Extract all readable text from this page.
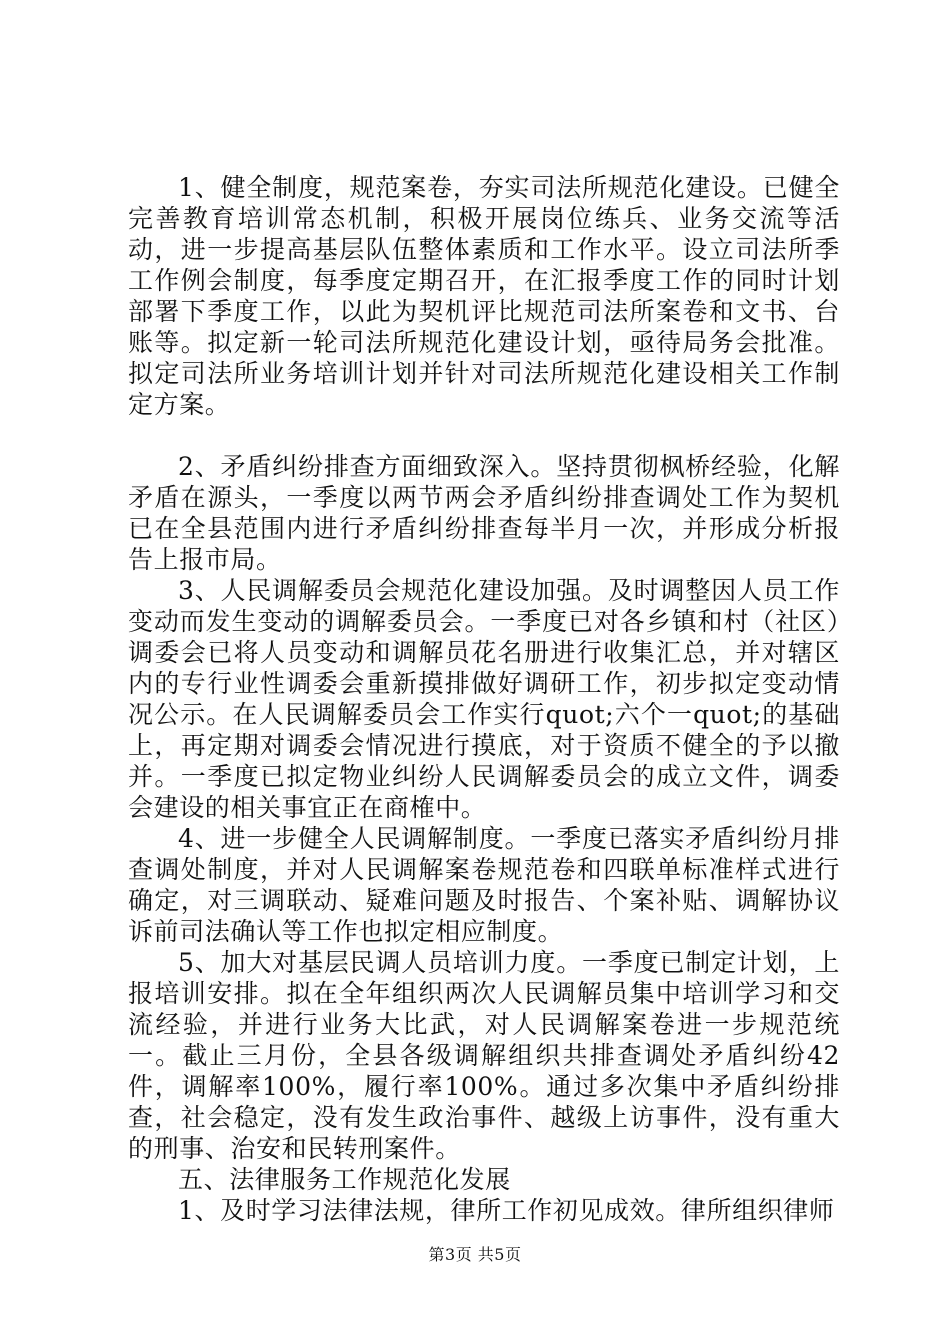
1、健全制度，规范案卷，夯实司法所规范化建设。已健全完善教育培训常态机制，积极开展岗位练兵、业务交流等活动，进一步提高基层队伍整体素质和工作水平。设立司法所季工作例会制度，每季度定期召开，在汇报季度工作的同时计划部署下季度工作，以此为契机评比规范司法所案卷和文书、台账等。拟定新一轮司法所规范化建设计划，亟待局务会批准。拟定司法所业务培训计划并针对司法所规范化建设相关工作制定方案。

2、矛盾纠纷排查方面细致深入。坚持贯彻枫桥经验，化解矛盾在源头，一季度以两节两会矛盾纠纷排查调处工作为契机已在全县范围内进行矛盾纠纷排查每半月一次，并形成分析报告上报市局。

3、人民调解委员会规范化建设加强。及时调整因人员工作变动而发生变动的调解委员会。一季度已对各乡镇和村（社区）调委会已将人员变动和调解员花名册进行收集汇总，并对辖区内的专行业性调委会重新摸排做好调研工作，初步拟定变动情况公示。在人民调解委员会工作实行quot;六个一quot;的基础上，再定期对调委会情况进行摸底，对于资质不健全的予以撤并。一季度已拟定物业纠纷人民调解委员会的成立文件，调委会建设的相关事宜正在商榷中。

4、进一步健全人民调解制度。一季度已落实矛盾纠纷月排查调处制度，并对人民调解案卷规范卷和四联单标准样式进行确定，对三调联动、疑难问题及时报告、个案补贴、调解协议诉前司法确认等工作也拟定相应制度。

5、加大对基层民调人员培训力度。一季度已制定计划，上报培训安排。拟在全年组织两次人民调解员集中培训学习和交流经验，并进行业务大比武，对人民调解案卷进一步规范统一。截止三月份，全县各级调解组织共排查调处矛盾纠纷42件，调解率100%，履行率100%。通过多次集中矛盾纠纷排查，社会稳定，没有发生政治事件、越级上访事件，没有重大的刑事、治安和民转刑案件。

五、法律服务工作规范化发展

1、及时学习法律法规，律所工作初见成效。律所组织律师

第3页 共5页
